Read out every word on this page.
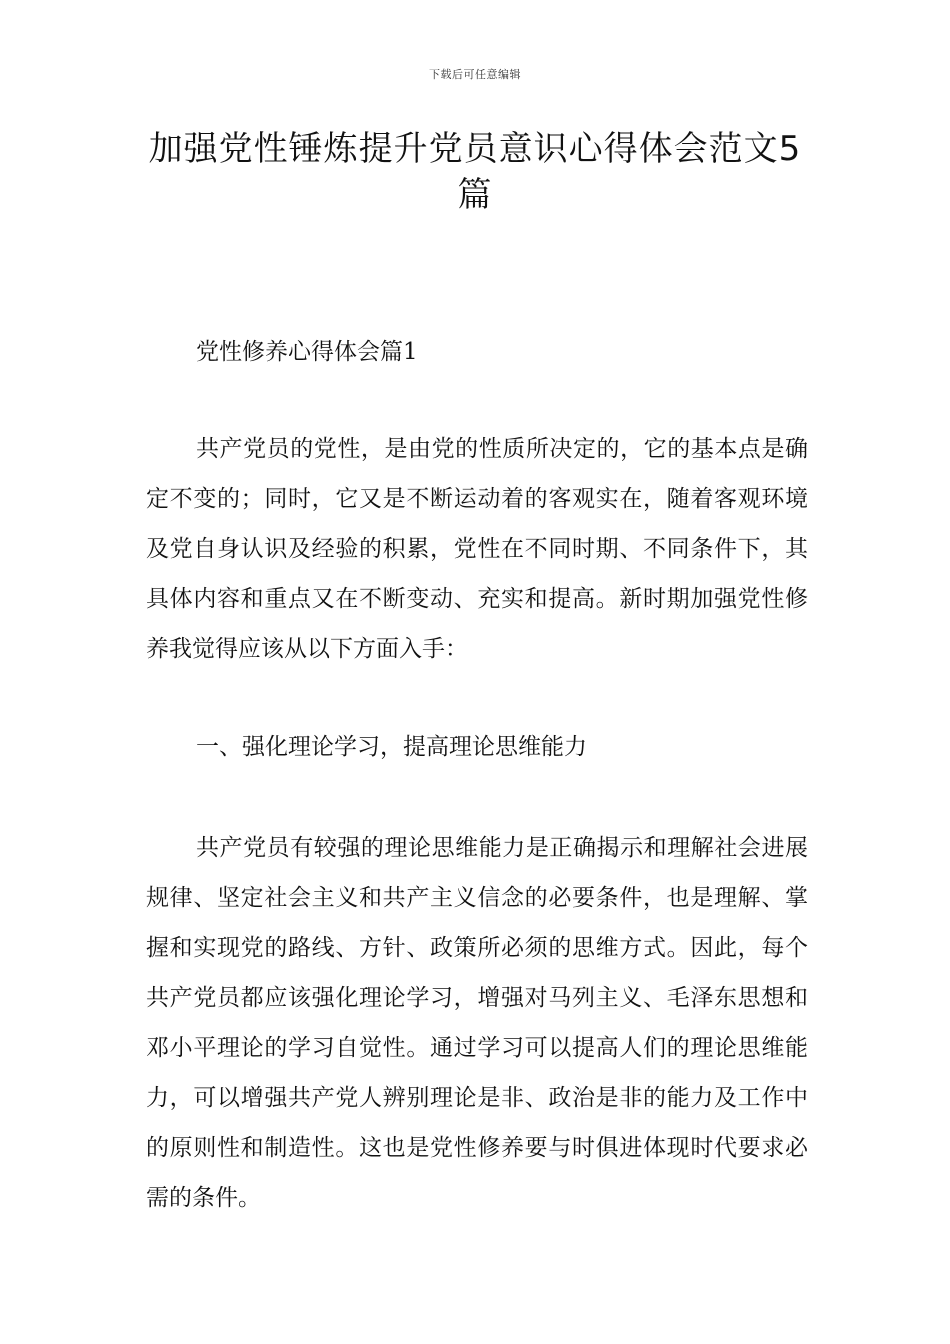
下载后可任意编辑
加强党性锤炼提升党员意识心得体会范文5篇
党性修养心得体会篇1
共产党员的党性，是由党的性质所决定的，它的基本点是确定不变的；同时，它又是不断运动着的客观实在，随着客观环境及党自身认识及经验的积累，党性在不同时期、不同条件下，其具体内容和重点又在不断变动、充实和提高。新时期加强党性修养我觉得应该从以下方面入手：
一、强化理论学习，提高理论思维能力
共产党员有较强的理论思维能力是正确揭示和理解社会进展规律、坚定社会主义和共产主义信念的必要条件，也是理解、掌握和实现党的路线、方针、政策所必须的思维方式。因此，每个共产党员都应该强化理论学习，增强对马列主义、毛泽东思想和邓小平理论的学习自觉性。通过学习可以提高人们的理论思维能力，可以增强共产党人辨别理论是非、政治是非的能力及工作中的原则性和制造性。这也是党性修养要与时俱进体现时代要求必需的条件。
